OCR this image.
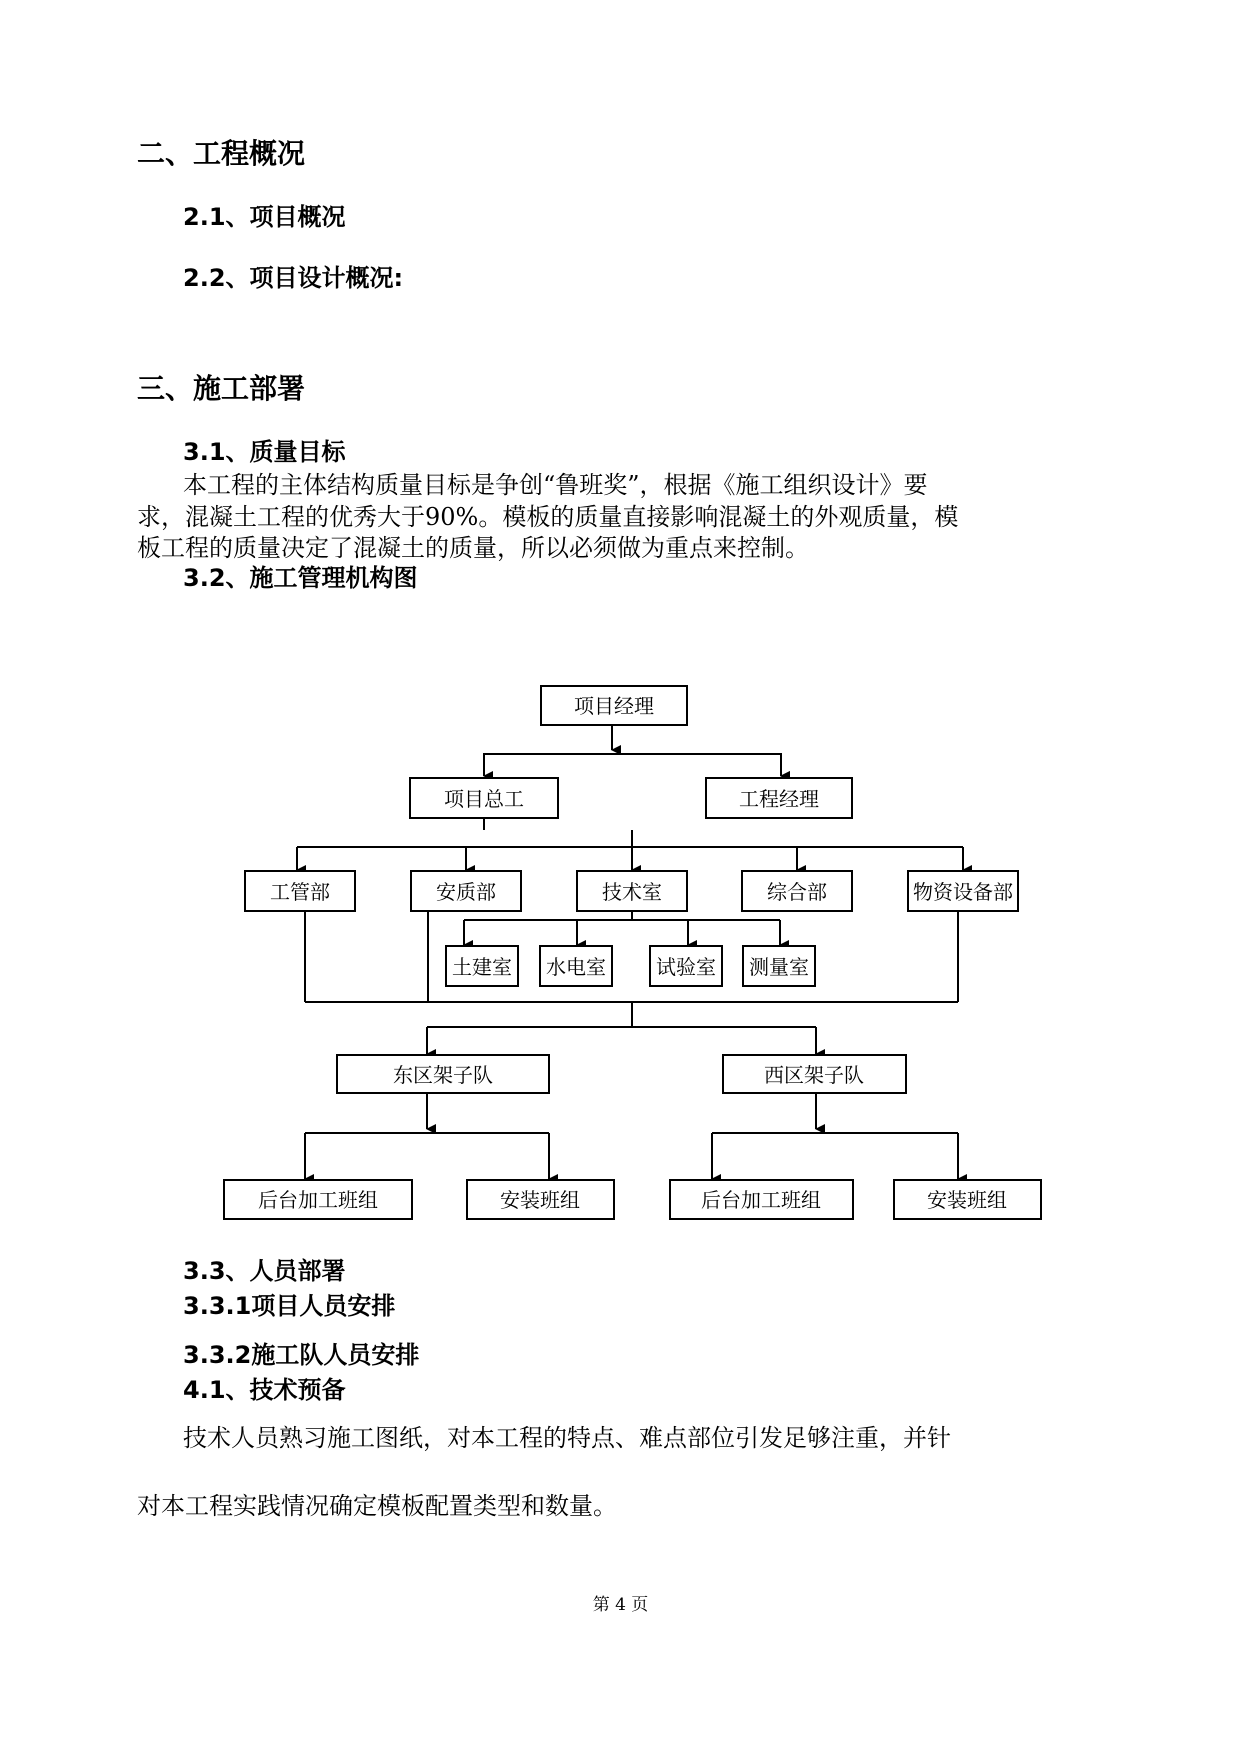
二、工程概况
2.1、项目概况
2.2、项目设计概况:
三、施工部署
3.1、质量目标
本工程的主体结构质量目标是争创“鲁班奖”，根据《施工组织设计》要
求，混凝土工程的优秀大于90%。模板的质量直接影响混凝土的外观质量，模
板工程的质量决定了混凝土的质量，所以必须做为重点来控制。
3.2、施工管理机构图
项目经理
项目总工	工程经理
工管部	安质部	技术室	综合部	物资设备部
土建室 水电室	试验室 测量室
东区架子队	西区架子队
后台加工班组	安装班组	后台加工班组	安装班组
3.3、人员部署
3.3.1项目人员安排
3.3.2施工队人员安排
4.1、技术预备
技术人员熟习施工图纸，对本工程的特点、难点部位引发足够注重，并针
对本工程实践情况确定模板配置类型和数量。
第 4 页
